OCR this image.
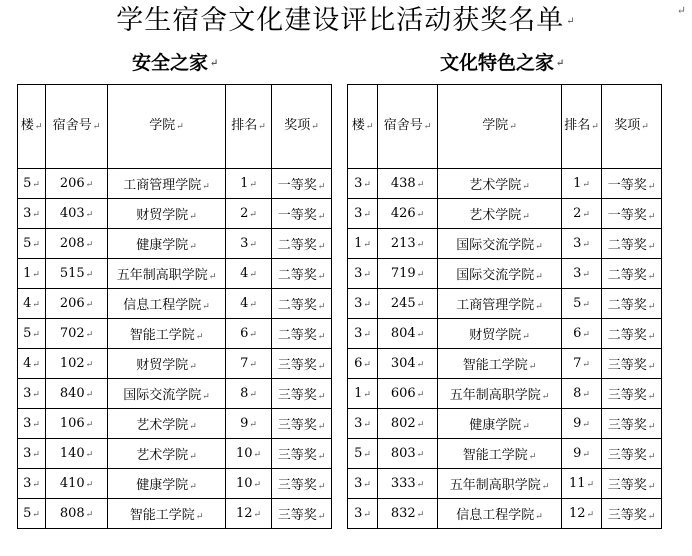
学生宿舍文化建设评比活动获奖名单 ↵
↵
安全之家 ↵	文化特色之家 ↵
楼↵	宿舍号↵	学院↵	排名↵	奖项↵
5↵	206↵	工商管理学院↵	1↵	一等奖↵
3↵	403↵	财贸学院↵	2↵	一等奖↵
5↵	208↵	健康学院↵	3↵	二等奖↵
1↵	515↵	五年制高职学院↵	4↵	二等奖↵
4↵	206↵	信息工程学院↵	4↵	二等奖↵
5↵	702↵	智能工学院↵	6↵	二等奖↵
4↵	102↵	财贸学院↵	7↵	三等奖↵
3↵	840↵	国际交流学院↵	8↵	三等奖↵
3↵	106↵	艺术学院↵	9↵	三等奖↵
3↵	140↵	艺术学院↵	10↵	三等奖↵
3↵	410↵	健康学院↵	10↵	三等奖↵
5↵	808↵	智能工学院↵	12↵	三等奖↵
楼↵	宿舍号↵	学院↵	排名↵	奖项↵
3↵	438↵	艺术学院↵	1↵	一等奖↵
3↵	426↵	艺术学院↵	2↵	一等奖↵
1↵	213↵	国际交流学院↵	3↵	二等奖↵
3↵	719↵	国际交流学院↵	3↵	二等奖↵
3↵	245↵	工商管理学院↵	5↵	二等奖↵
3↵	804↵	财贸学院↵	6↵	二等奖↵
6↵	304↵	智能工学院↵	7↵	三等奖↵
1↵	606↵	五年制高职学院↵	8↵	三等奖↵
3↵	802↵	健康学院↵	9↵	三等奖↵
5↵	803↵	智能工学院↵	9↵	三等奖↵
3↵	333↵	五年制高职学院↵	11↵	三等奖↵
3↵	832↵	信息工程学院↵	12↵	三等奖↵
